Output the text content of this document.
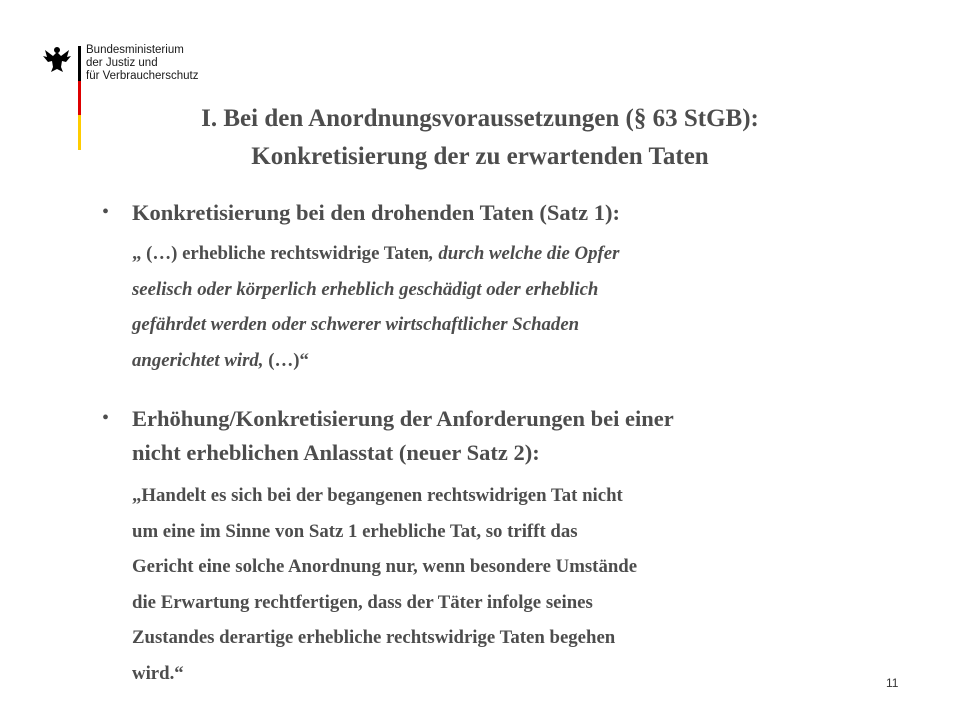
Bundesministerium
der Justiz und
für Verbraucherschutz
I. Bei den Anordnungsvoraussetzungen (§ 63 StGB):
Konkretisierung der zu erwartenden Taten
•	Konkretisierung bei den drohenden Taten (Satz 1):
„ (…) erhebliche rechtswidrige Taten, durch welche die Opfer
seelisch oder körperlich erheblich geschädigt oder erheblich
gefährdet werden oder schwerer wirtschaftlicher Schaden
angerichtet wird, (…)“
•	Erhöhung/Konkretisierung der Anforderungen bei einer
nicht erheblichen Anlasstat (neuer Satz 2):
„Handelt es sich bei der begangenen rechtswidrigen Tat nicht
um eine im Sinne von Satz 1 erhebliche Tat, so trifft das
Gericht eine solche Anordnung nur, wenn besondere Umstände
die Erwartung rechtfertigen, dass der Täter infolge seines
Zustandes derartige erhebliche rechtswidrige Taten begehen
wird.“	11
